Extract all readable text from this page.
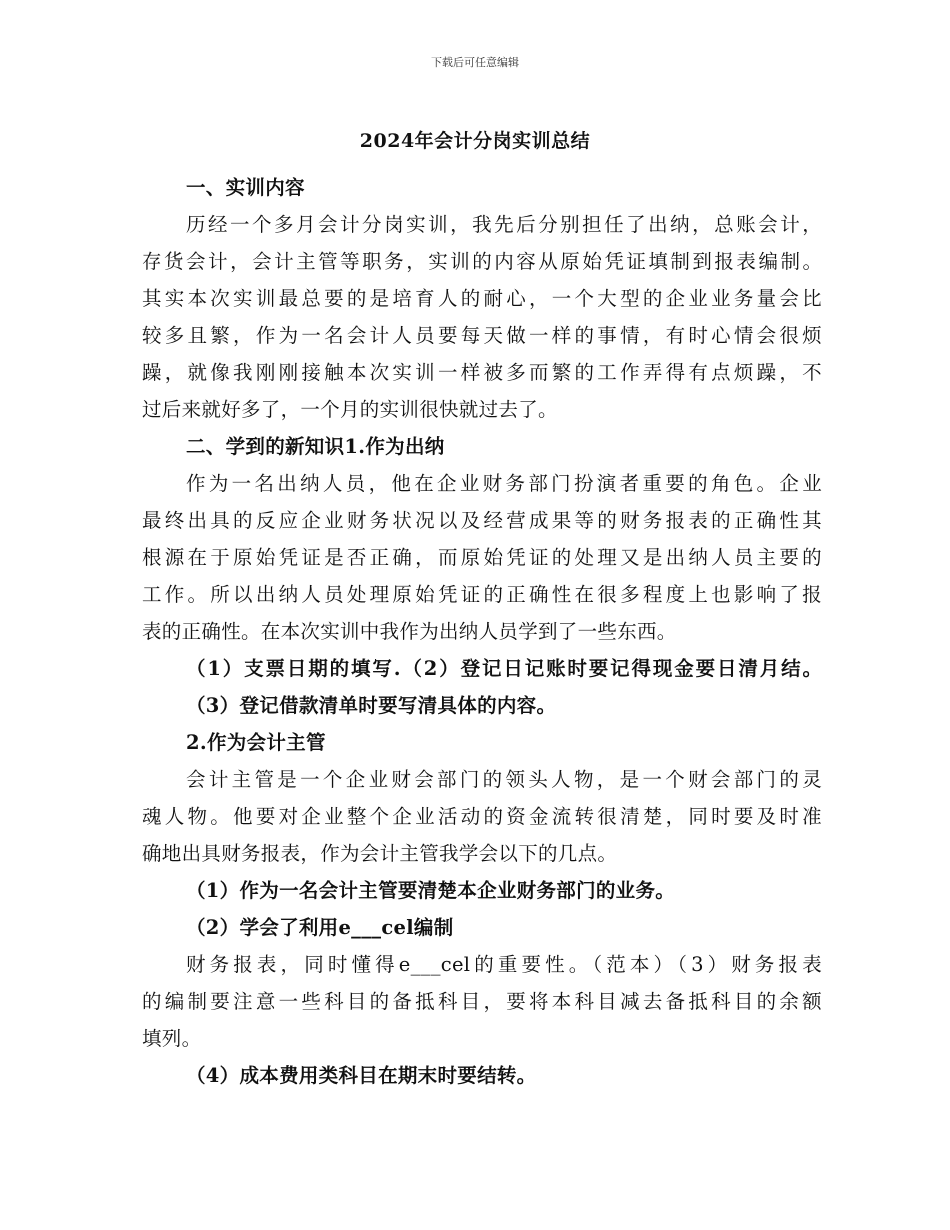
下载后可任意编辑
2024年会计分岗实训总结
一、实训内容
历经一个多月会计分岗实训，我先后分别担任了出纳，总账会计，
存货会计，会计主管等职务，实训的内容从原始凭证填制到报表编制。
其实本次实训最总要的是培育人的耐心，一个大型的企业业务量会比
较多且繁，作为一名会计人员要每天做一样的事情，有时心情会很烦
躁，就像我刚刚接触本次实训一样被多而繁的工作弄得有点烦躁，不
过后来就好多了，一个月的实训很快就过去了。
二、学到的新知识1.作为出纳
作为一名出纳人员，他在企业财务部门扮演者重要的角色。企业
最终出具的反应企业财务状况以及经营成果等的财务报表的正确性其
根源在于原始凭证是否正确，而原始凭证的处理又是出纳人员主要的
工作。所以出纳人员处理原始凭证的正确性在很多程度上也影响了报
表的正确性。在本次实训中我作为出纳人员学到了一些东西。
（1）支票日期的填写.（2）登记日记账时要记得现金要日清月结。
（3）登记借款清单时要写清具体的内容。
2.作为会计主管
会计主管是一个企业财会部门的领头人物，是一个财会部门的灵
魂人物。他要对企业整个企业活动的资金流转很清楚，同时要及时准
确地出具财务报表，作为会计主管我学会以下的几点。
（1）作为一名会计主管要清楚本企业财务部门的业务。
（2）学会了利用e___cel编制
财务报表，同时懂得e___cel的重要性。（范本）（3）财务报表
的编制要注意一些科目的备抵科目，要将本科目减去备抵科目的余额
填列。
（4）成本费用类科目在期末时要结转。
